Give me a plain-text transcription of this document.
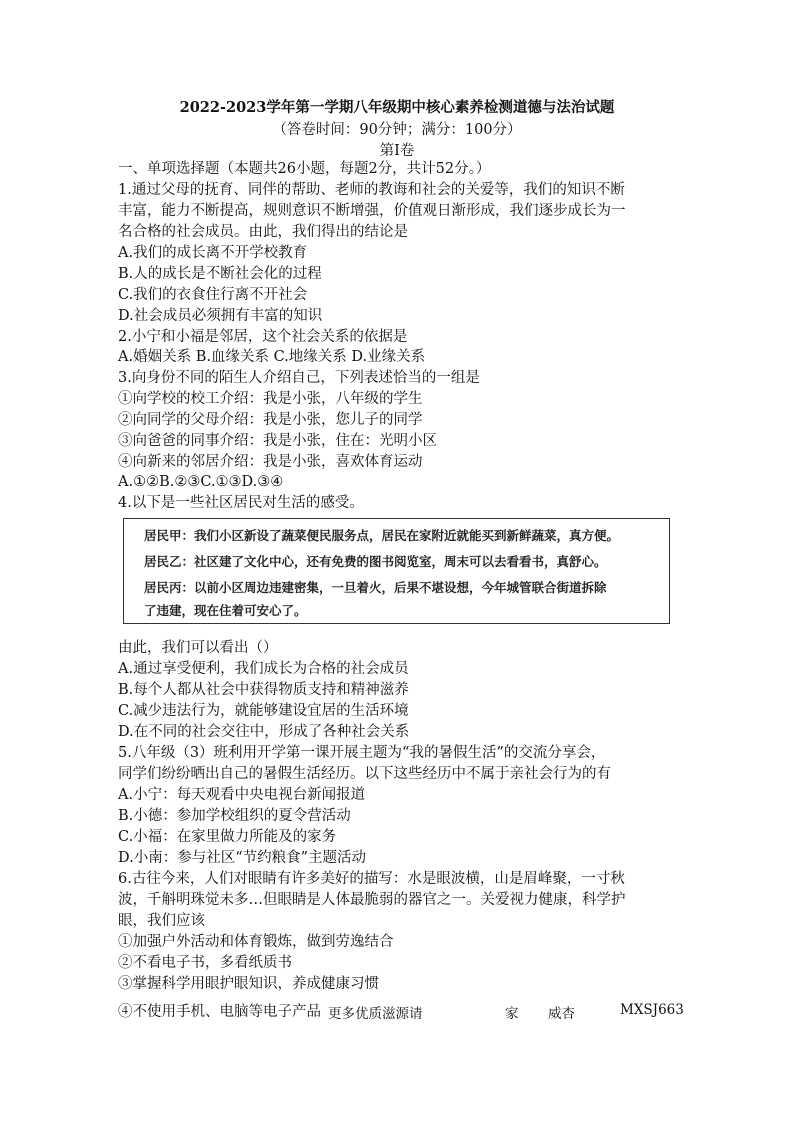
2022-2023学年第一学期八年级期中核心素养检测道德与法治试题
（答卷时间：90分钟；满分：100分）
第Ⅰ卷
一、单项选择题（本题共26小题，每题2分，共计52分。）
1.通过父母的抚育、同伴的帮助、老师的教诲和社会的关爱等，我们的知识不断
丰富，能力不断提高，规则意识不断增强，价值观日渐形成，我们逐步成长为一
名合格的社会成员。由此，我们得出的结论是
A.我们的成长离不开学校教育
B.人的成长是不断社会化的过程
C.我们的衣食住行离不开社会
D.社会成员必须拥有丰富的知识
2.小宁和小福是邻居，这个社会关系的依据是
A.婚姻关系 B.血缘关系 C.地缘关系 D.业缘关系
3.向身份不同的陌生人介绍自己，下列表述恰当的一组是
①向学校的校工介绍：我是小张，八年级的学生
②向同学的父母介绍：我是小张，您儿子的同学
③向爸爸的同事介绍：我是小张，住在：光明小区
④向新来的邻居介绍：我是小张，喜欢体育运动
A.①②B.②③C.①③D.③④
4.以下是一些社区居民对生活的感受。
居民甲：我们小区新设了蔬菜便民服务点，居民在家附近就能买到新鲜蔬菜，真方便。
居民乙：社区建了文化中心，还有免费的图书阅览室，周末可以去看看书，真舒心。
居民丙：以前小区周边违建密集，一旦着火，后果不堪设想，今年城管联合街道拆除
了违建，现在住着可安心了。
由此，我们可以看出（）
A.通过享受便利，我们成长为合格的社会成员
B.每个人都从社会中获得物质支持和精神滋养
C.减少违法行为，就能够建设宜居的生活环境
D.在不同的社会交往中，形成了各种社会关系
5.八年级（3）班利用开学第一课开展主题为“我的暑假生活”的交流分享会，
同学们纷纷晒出自己的暑假生活经历。以下这些经历中不属于亲社会行为的有
A.小宁：每天观看中央电视台新闻报道
B.小德：参加学校组织的夏令营活动
C.小福：在家里做力所能及的家务
D.小南：参与社区“节约粮食”主题活动
6.古往今来，人们对眼睛有许多美好的描写：水是眼波横，山是眉峰聚，一寸秋
波，千斛明珠觉未多…但眼睛是人体最脆弱的器官之一。关爱视力健康，科学护
眼，我们应该
①加强户外活动和体育锻炼，做到劳逸结合
②不看电子书，多看纸质书
③掌握科学用眼护眼知识，养成健康习惯
④不使用手机、电脑等电子产品 更多优质滋源请	家 威杏	MXSJ663
